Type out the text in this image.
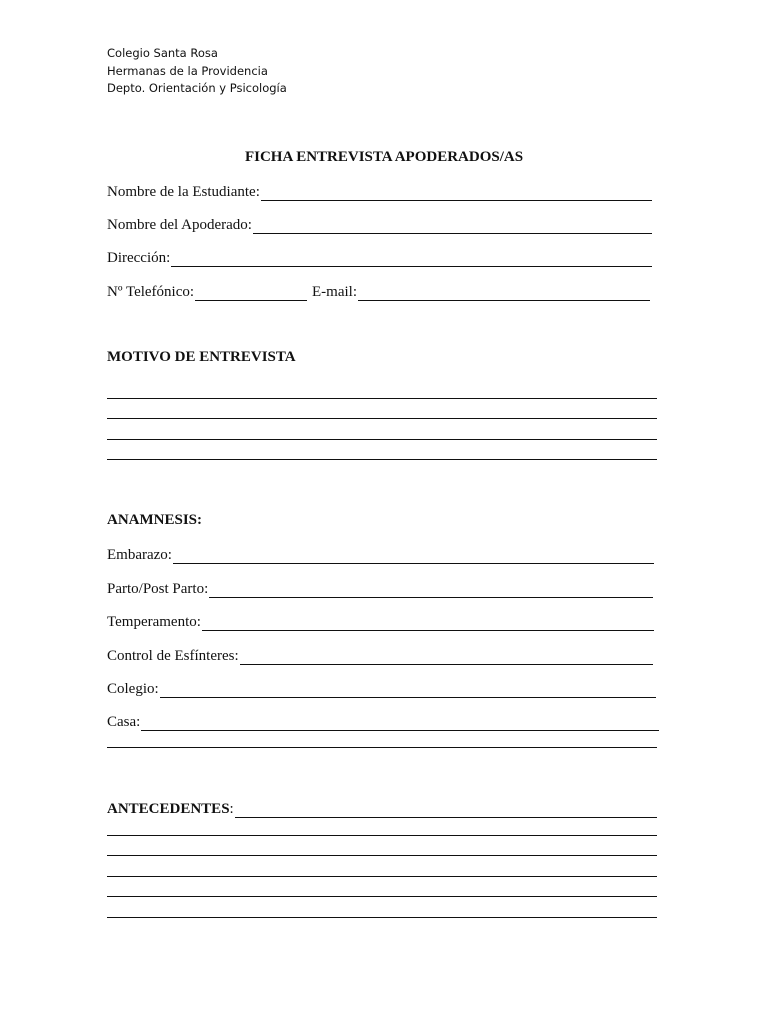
Colegio Santa Rosa
Hermanas de la Providencia
Depto. Orientación y Psicología
FICHA ENTREVISTA APODERADOS/AS
Nombre de la Estudiante:
Nombre del Apoderado:
Dirección:
Nº Telefónico:	E-mail:
MOTIVO DE ENTREVISTA
ANAMNESIS:
Embarazo:
Parto/Post Parto:
Temperamento:
Control de Esfínteres:
Colegio:
Casa:
ANTECEDENTES:
